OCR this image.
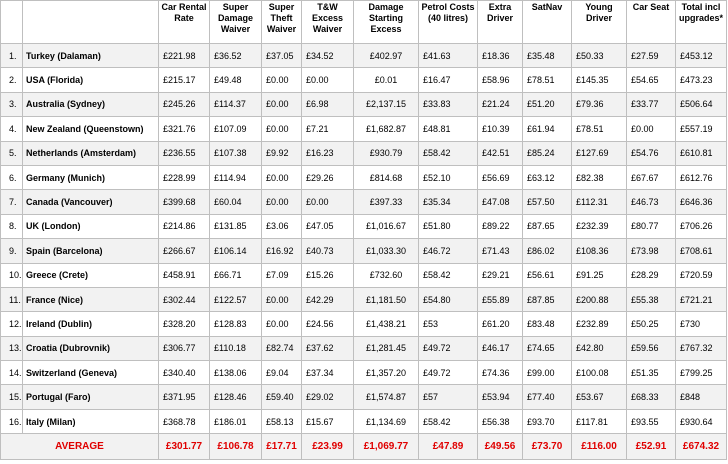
		Car Rental Rate	Super Damage Waiver	Super Theft Waiver	T&W Excess Waiver	Damage Starting Excess	Petrol Costs (40 litres)	Extra Driver	SatNav	Young Driver	Car Seat	Total incl upgrades*
1.	Turkey (Dalaman)	£221.98	£36.52	£37.05	£34.52	£402.97	£41.63	£18.36	£35.48	£50.33	£27.59	£453.12
2.	USA (Florida)	£215.17	£49.48	£0.00	£0.00	£0.01	£16.47	£58.96	£78.51	£145.35	£54.65	£473.23
3.	Australia (Sydney)	£245.26	£114.37	£0.00	£6.98	£2,137.15	£33.83	£21.24	£51.20	£79.36	£33.77	£506.64
4.	New Zealand (Queenstown)	£321.76	£107.09	£0.00	£7.21	£1,682.87	£48.81	£10.39	£61.94	£78.51	£0.00	£557.19
5.	Netherlands (Amsterdam)	£236.55	£107.38	£9.92	£16.23	£930.79	£58.42	£42.51	£85.24	£127.69	£54.76	£610.81
6.	Germany (Munich)	£228.99	£114.94	£0.00	£29.26	£814.68	£52.10	£56.69	£63.12	£82.38	£67.67	£612.76
7.	Canada (Vancouver)	£399.68	£60.04	£0.00	£0.00	£397.33	£35.34	£47.08	£57.50	£112.31	£46.73	£646.36
8.	UK (London)	£214.86	£131.85	£3.06	£47.05	£1,016.67	£51.80	£89.22	£87.65	£232.39	£80.77	£706.26
9.	Spain (Barcelona)	£266.67	£106.14	£16.92	£40.73	£1,033.30	£46.72	£71.43	£86.02	£108.36	£73.98	£708.61
10.	Greece (Crete)	£458.91	£66.71	£7.09	£15.26	£732.60	£58.42	£29.21	£56.61	£91.25	£28.29	£720.59
11.	France (Nice)	£302.44	£122.57	£0.00	£42.29	£1,181.50	£54.80	£55.89	£87.85	£200.88	£55.38	£721.21
12.	Ireland (Dublin)	£328.20	£128.83	£0.00	£24.56	£1,438.21	£53	£61.20	£83.48	£232.89	£50.25	£730
13.	Croatia (Dubrovnik)	£306.77	£110.18	£82.74	£37.62	£1,281.45	£49.72	£46.17	£74.65	£42.80	£59.56	£767.32
14.	Switzerland (Geneva)	£340.40	£138.06	£9.04	£37.34	£1,357.20	£49.72	£74.36	£99.00	£100.08	£51.35	£799.25
15.	Portugal (Faro)	£371.95	£128.46	£59.40	£29.02	£1,574.87	£57	£53.94	£77.40	£53.67	£68.33	£848
16.	Italy (Milan)	£368.78	£186.01	£58.13	£15.67	£1,134.69	£58.42	£56.38	£93.70	£117.81	£93.55	£930.64
AVERAGE		£301.77	£106.78	£17.71	£23.99	£1,069.77	£47.89	£49.56	£73.70	£116.00	£52.91	£674.32
